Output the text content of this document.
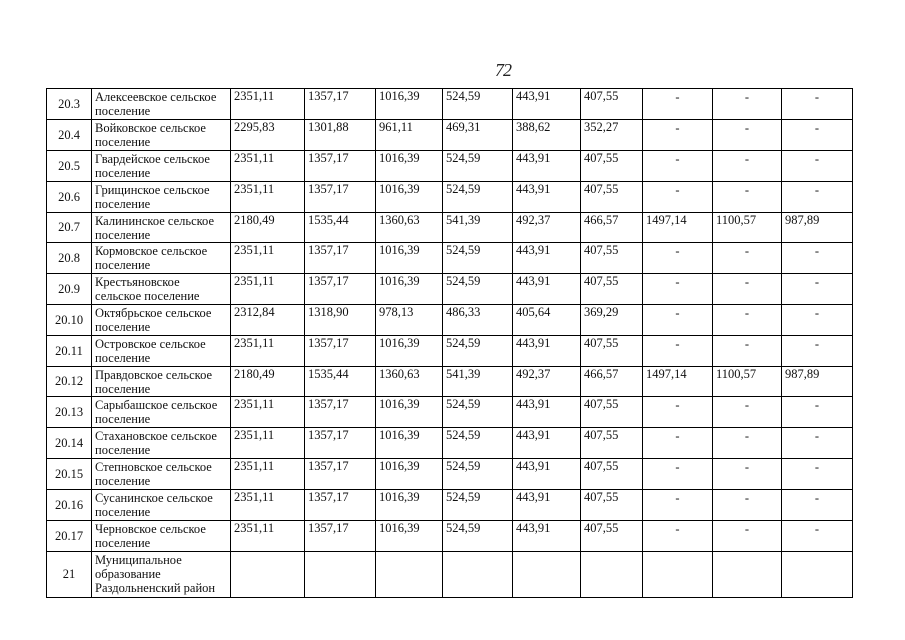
72
20.3	Алексеевское сельское поселение	2351,11	1357,17	1016,39	524,59	443,91	407,55	-	-	-
20.4	Войковское сельское поселение	2295,83	1301,88	961,11	469,31	388,62	352,27	-	-	-
20.5	Гвардейское сельское поселение	2351,11	1357,17	1016,39	524,59	443,91	407,55	-	-	-
20.6	Грищинское сельское поселение	2351,11	1357,17	1016,39	524,59	443,91	407,55	-	-	-
20.7	Калининское сельское поселение	2180,49	1535,44	1360,63	541,39	492,37	466,57	1497,14	1100,57	987,89
20.8	Кормовское сельское поселение	2351,11	1357,17	1016,39	524,59	443,91	407,55	-	-	-
20.9	Крестьяновское сельское поселение	2351,11	1357,17	1016,39	524,59	443,91	407,55	-	-	-
20.10	Октябрьское сельское поселение	2312,84	1318,90	978,13	486,33	405,64	369,29	-	-	-
20.11	Островское сельское поселение	2351,11	1357,17	1016,39	524,59	443,91	407,55	-	-	-
20.12	Правдовское сельское поселение	2180,49	1535,44	1360,63	541,39	492,37	466,57	1497,14	1100,57	987,89
20.13	Сарыбашское сельское поселение	2351,11	1357,17	1016,39	524,59	443,91	407,55	-	-	-
20.14	Стахановское сельское поселение	2351,11	1357,17	1016,39	524,59	443,91	407,55	-	-	-
20.15	Степновское сельское поселение	2351,11	1357,17	1016,39	524,59	443,91	407,55	-	-	-
20.16	Сусанинское сельское поселение	2351,11	1357,17	1016,39	524,59	443,91	407,55	-	-	-
20.17	Черновское сельское поселение	2351,11	1357,17	1016,39	524,59	443,91	407,55	-	-	-
21	Муниципальное образование Раздольненский район									
